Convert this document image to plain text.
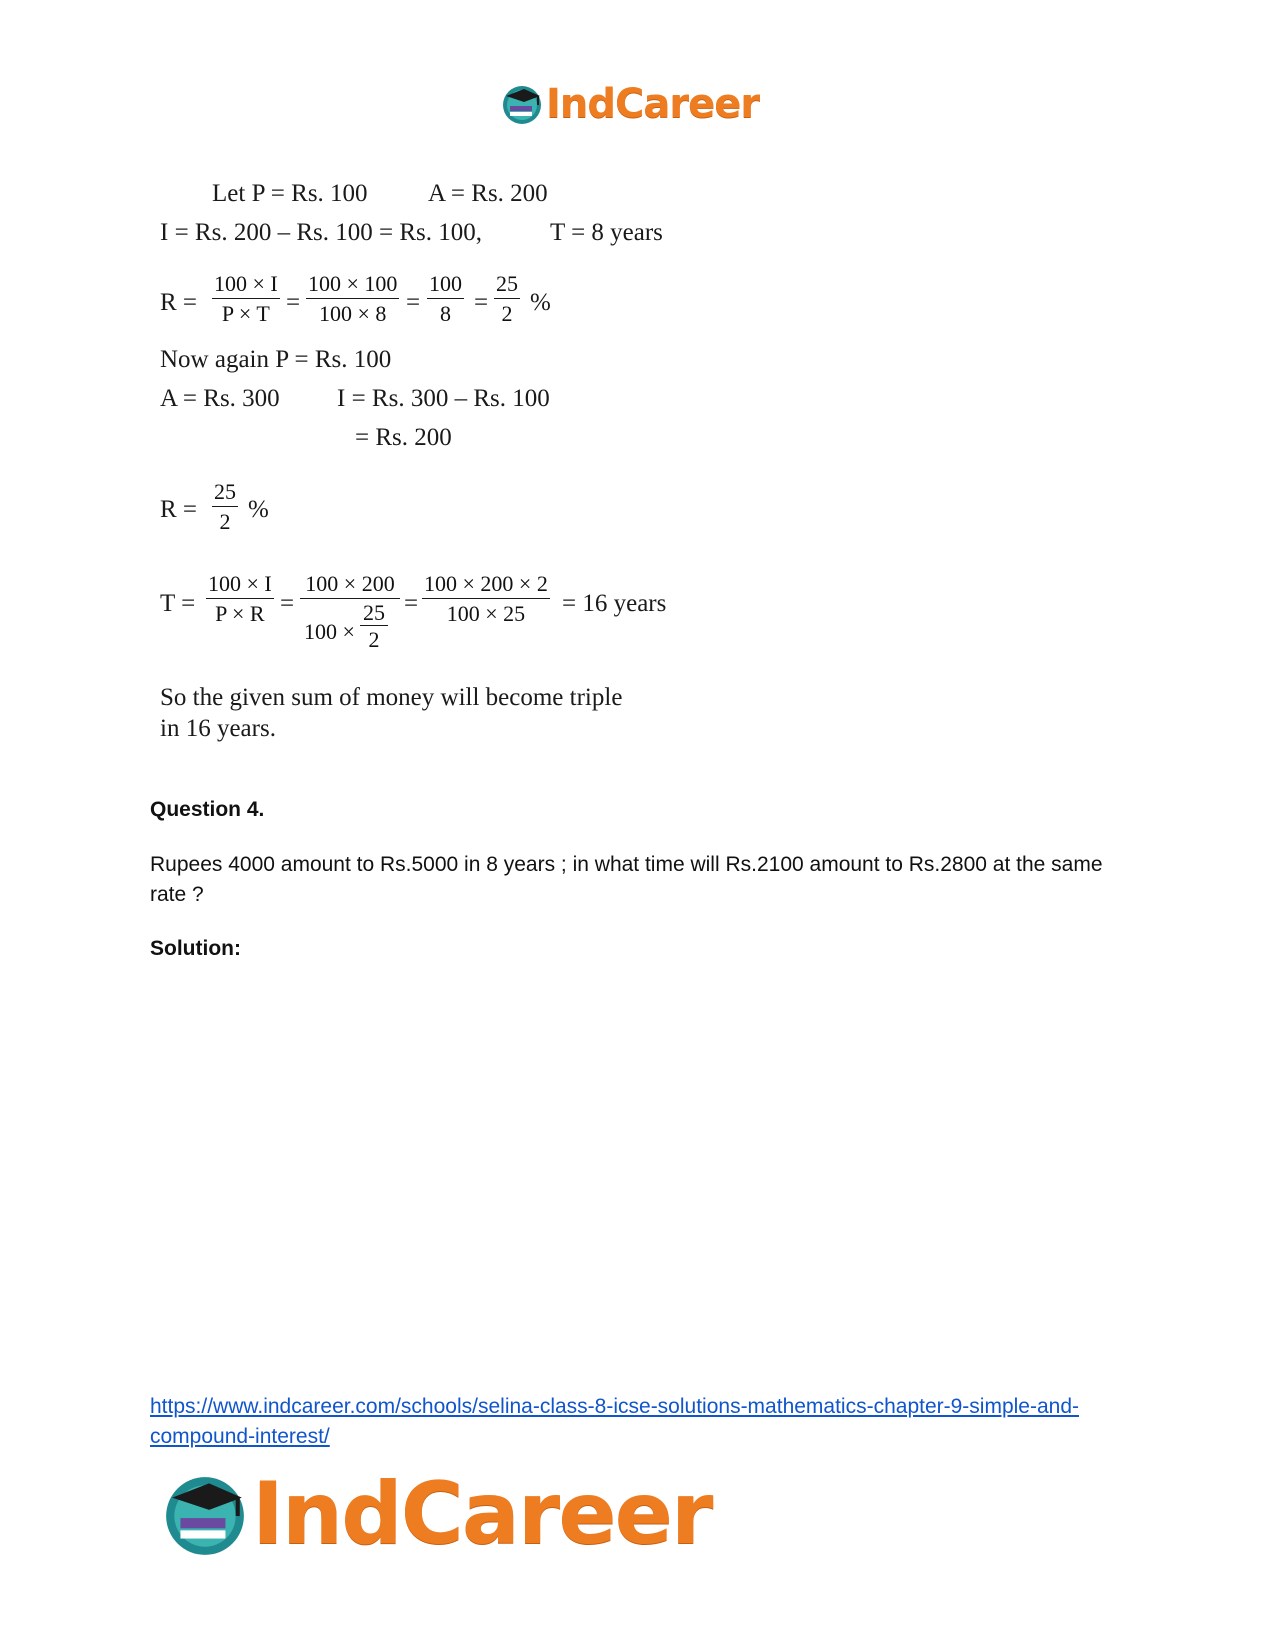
IndCareer
Let P = Rs. 100 A = Rs. 200
I = Rs. 200 – Rs. 100 = Rs. 100,	T = 8 years
$R = \frac{100 \times I}{P \times T} = \frac{100 \times 100}{100 \times 8} = \frac{100}{8} = \frac{25}{2}$ %
Now again P = Rs. 100
A = Rs. 300 I = Rs. 300 – Rs. 100
= Rs. 200
$R = \frac{25}{2}$ %
$T = \frac{100 \times I}{P \times R} = \frac{100 \times 200}{100 \times \frac{25}{2}} = \frac{100 \times 200 \times 2}{100 \times 25} = 16$ years
So the given sum of money will become triple
in 16 years.
Question 4.
Rupees 4000 amount to Rs.5000 in 8 years ; in what time will Rs.2100 amount to Rs.2800 at the same rate ?
Solution:
https://www.indcareer.com/schools/selina-class-8-icse-solutions-mathematics-chapter-9-simple-and-compound-interest/
IndCareer
